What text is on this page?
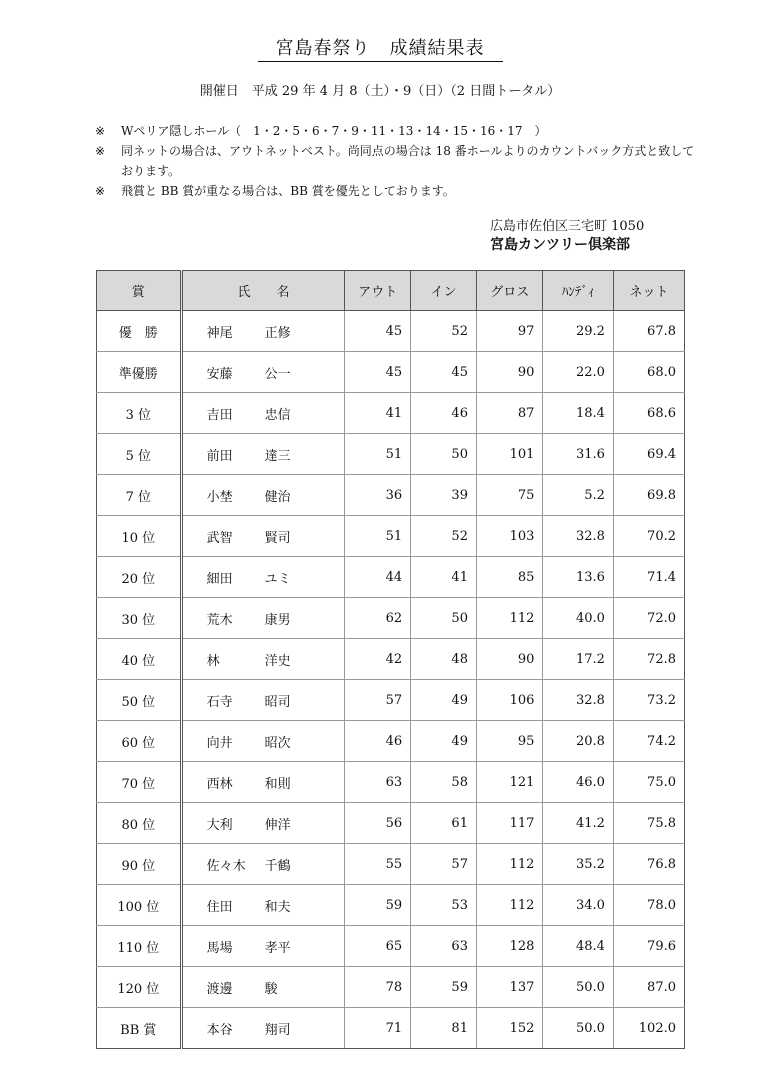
宮島春祭り　成績結果表
開催日　平成 29 年 4 月 8（土）・9（日）（2 日間トータル）
※	Wペリア隠しホール（　1・2・5・6・7・9・11・13・14・15・16・17　）
※	同ネットの場合は、アウトネットベスト。尚同点の場合は 18 番ホールよりのカウントバック方式と致しております。
※	飛賞と BB 賞が重なる場合は、BB 賞を優先としております。
広島市佐伯区三宅町 1050
宮島カンツリー倶楽部
賞	氏　　名	アウト	イン	グロス	ﾊﾝﾃﾞｨ	ネット
優　勝	神尾 正修	45	52	97	29.2	67.8
準優勝	安藤 公一	45	45	90	22.0	68.0
3 位	吉田 忠信	41	46	87	18.4	68.6
5 位	前田 達三	51	50	101	31.6	69.4
7 位	小埜 健治	36	39	75	5.2	69.8
10 位	武智 賢司	51	52	103	32.8	70.2
20 位	細田 ユミ	44	41	85	13.6	71.4
30 位	荒木 康男	62	50	112	40.0	72.0
40 位	林 洋史	42	48	90	17.2	72.8
50 位	石寺 昭司	57	49	106	32.8	73.2
60 位	向井 昭次	46	49	95	20.8	74.2
70 位	西林 和則	63	58	121	46.0	75.0
80 位	大利 伸洋	56	61	117	41.2	75.8
90 位	佐々木 千鶴	55	57	112	35.2	76.8
100 位	住田 和夫	59	53	112	34.0	78.0
110 位	馬場 孝平	65	63	128	48.4	79.6
120 位	渡邊 駿	78	59	137	50.0	87.0
BB 賞	本谷 翔司	71	81	152	50.0	102.0
